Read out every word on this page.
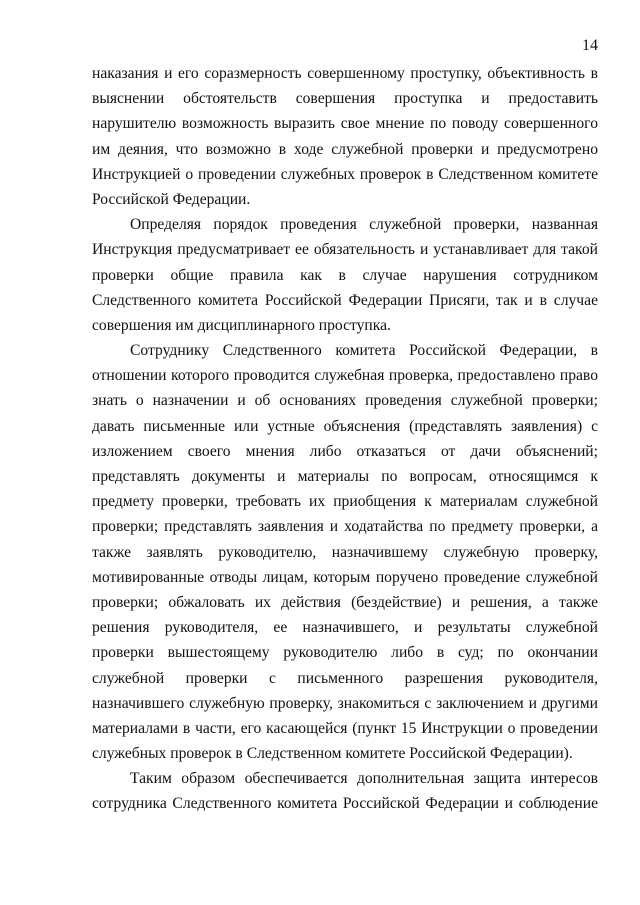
14
наказания и его соразмерность совершенному проступку, объективность в
выяснении обстоятельств совершения проступка и предоставить
нарушителю возможность выразить свое мнение по поводу совершенного
им деяния, что возможно в ходе служебной проверки и предусмотрено
Инструкцией о проведении служебных проверок в Следственном комитете
Российской Федерации.
Определяя порядок проведения служебной проверки, названная
Инструкция предусматривает ее обязательность и устанавливает для такой
проверки общие правила как в случае нарушения сотрудником
Следственного комитета Российской Федерации Присяги, так и в случае
совершения им дисциплинарного проступка.
Сотруднику Следственного комитета Российской Федерации, в
отношении которого проводится служебная проверка, предоставлено право
знать о назначении и об основаниях проведения служебной проверки;
давать письменные или устные объяснения (представлять заявления) с
изложением своего мнения либо отказаться от дачи объяснений;
представлять документы и материалы по вопросам, относящимся к
предмету проверки, требовать их приобщения к материалам служебной
проверки; представлять заявления и ходатайства по предмету проверки, а
также заявлять руководителю, назначившему служебную проверку,
мотивированные отводы лицам, которым поручено проведение служебной
проверки; обжаловать их действия (бездействие) и решения, а также
решения руководителя, ее назначившего, и результаты служебной
проверки вышестоящему руководителю либо в суд; по окончании
служебной проверки с письменного разрешения руководителя,
назначившего служебную проверку, знакомиться с заключением и другими
материалами в части, его касающейся (пункт 15 Инструкции о проведении
служебных проверок в Следственном комитете Российской Федерации).
Таким образом обеспечивается дополнительная защита интересов
сотрудника Следственного комитета Российской Федерации и соблюдение
